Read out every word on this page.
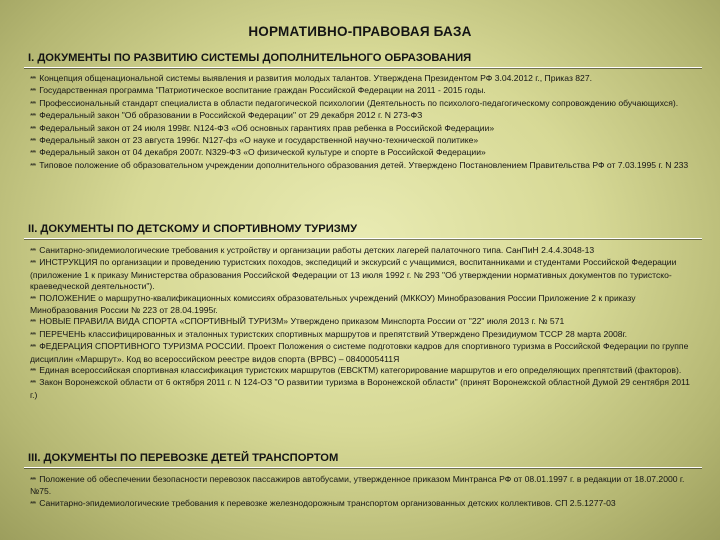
НОРМАТИВНО-ПРАВОВАЯ БАЗА
I. ДОКУМЕНТЫ ПО РАЗВИТИЮ СИСТЕМЫ ДОПОЛНИТЕЛЬНОГО ОБРАЗОВАНИЯ

*** Концепция общенациональной системы выявления и развития молодых талантов. Утверждена Президентом РФ 3.04.2012 г., Приказ 827.

*** Государственная программа "Патриотическое воспитание граждан Российской Федерации на 2011 - 2015 годы.

*** Профессиональный стандарт специалиста в области педагогической психологии (Деятельность по психолого-педагогическому сопровождению обучающихся).

*** Федеральный закон "Об образовании в Российской Федерации" от 29 декабря 2012 г. N 273-ФЗ

*** Федеральный закон от 24 июля 1998г. N124-ФЗ «Об основных гарантиях прав ребенка в Российской Федерации»

*** Федеральный закон от 23 августа 1996г. N127-фз «О науке и государственной научно-технической политике»

*** Федеральный закон от 04 декабря 2007г. N329-ФЗ «О физической культуре и спорте в Российской Федерации»

*** Типовое положение об образовательном учреждении дополнительного образования детей. Утверждено Постановлением Правительства РФ от 7.03.1995 г. N 233

II. ДОКУМЕНТЫ ПО ДЕТСКОМУ И СПОРТИВНОМУ ТУРИЗМУ

*** Санитарно-эпидемиологические требования к устройству и организации работы детских лагерей палаточного типа. СанПиН 2.4.4.3048-13

*** ИНСТРУКЦИЯ по организации и проведению туристских походов, экспедиций и экскурсий с учащимися, воспитанниками и студентами Российской Федерации (приложение 1 к приказу Министерства образования Российской Федерации от 13 июля 1992 г. № 293 "Об утверждении нормативных документов по туристско-краеведческой деятельности").

*** ПОЛОЖЕНИЕ о маршрутно-квалификационных комиссиях образовательных учреждений (МККОУ) Минобразования России Приложение 2 к приказу Минобразования России № 223 от 28.04.1995г.

*** НОВЫЕ ПРАВИЛА ВИДА СПОРТА «СПОРТИВНЫЙ ТУРИЗМ» Утверждено приказом Минспорта России от "22" июля 2013 г. № 571

*** ПЕРЕЧЕНЬ классифицированных и эталонных туристских спортивных маршрутов и препятствий Утверждено Президиумом ТССР 28 марта 2008г.

*** ФЕДЕРАЦИЯ СПОРТИВНОГО ТУРИЗМА РОССИИ. Проект Положения о системе подготовки кадров для спортивного туризма в Российской Федерации по группе дисциплин «Маршрут». Код во всероссийском реестре видов спорта (ВРВС) – 0840005411Я

*** Единая всероссийская спортивная классификация туристских маршрутов (ЕВСКТМ) категорирование маршрутов и его определяющих препятствий (факторов).

*** Закон Воронежской области от 6 октября 2011 г. N 124-ОЗ "О развитии туризма в Воронежской области" (принят Воронежской областной Думой 29 сентября 2011 г.)

III. ДОКУМЕНТЫ ПО ПЕРЕВОЗКЕ ДЕТЕЙ ТРАНСПОРТОМ

*** Положение об обеспечении безопасности перевозок пассажиров автобусами, утвержденное приказом Минтранса РФ от 08.01.1997 г. в редакции от 18.07.2000 г. №75.

*** Санитарно-эпидемиологические требования к перевозке железнодорожным транспортом организованных детских коллективов. СП 2.5.1277-03
